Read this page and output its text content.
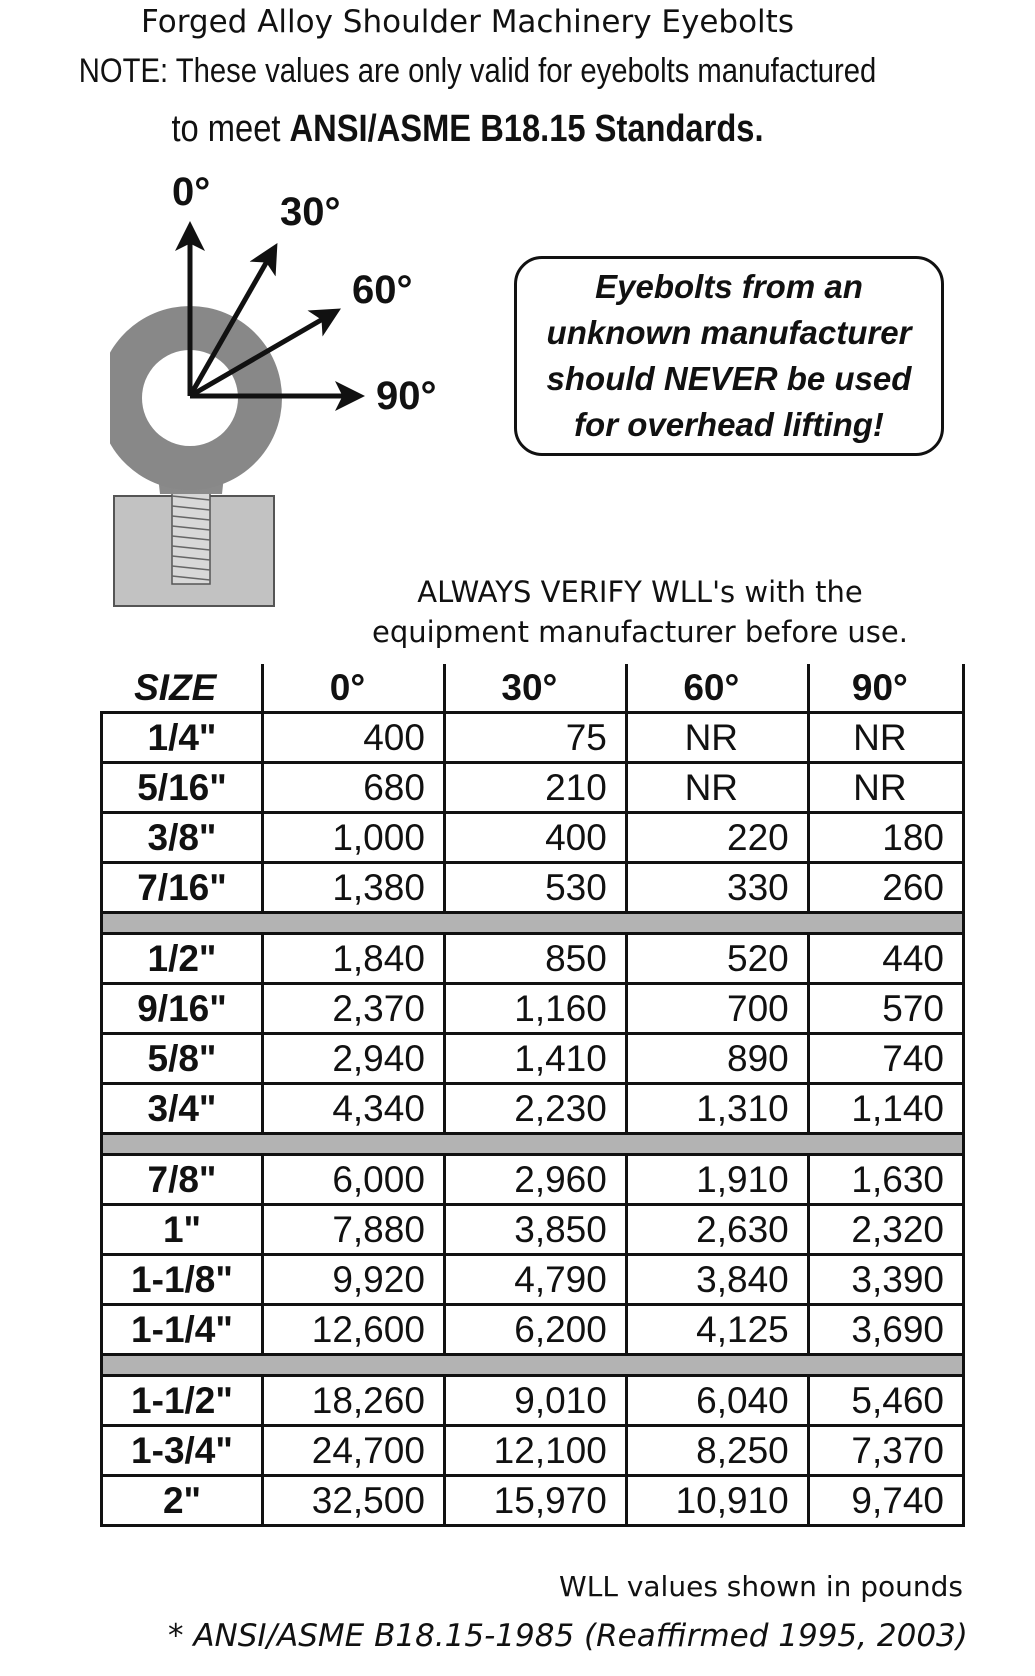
Forged Alloy Shoulder Machinery Eyebolts
NOTE: These values are only valid for eyebolts manufactured
to meet ANSI/ASME B18.15 Standards.
0° 30°
60°
90°
Eyebolts from an
unknown manufacturer
should NEVER be used
for overhead lifting!
ALWAYS VERIFY WLL's with the
equipment manufacturer before use.
SIZE	0°	30°	60°	90°
1/4"	400	75	NR	NR
5/16"	680	210	NR	NR
3/8"	1,000	400	220	180
7/16"	1,380	530	330	260

1/2"	1,840	850	520	440
9/16"	2,370	1,160	700	570
5/8"	2,940	1,410	890	740
3/4"	4,340	2,230	1,310	1,140

7/8"	6,000	2,960	1,910	1,630
1"	7,880	3,850	2,630	2,320
1-1/8"	9,920	4,790	3,840	3,390
1-1/4"	12,600	6,200	4,125	3,690

1-1/2"	18,260	9,010	6,040	5,460
1-3/4"	24,700	12,100	8,250	7,370
2"	32,500	15,970	10,910	9,740
WLL values shown in pounds
* ANSI/ASME B18.15-1985 (Reaffirmed 1995, 2003)
